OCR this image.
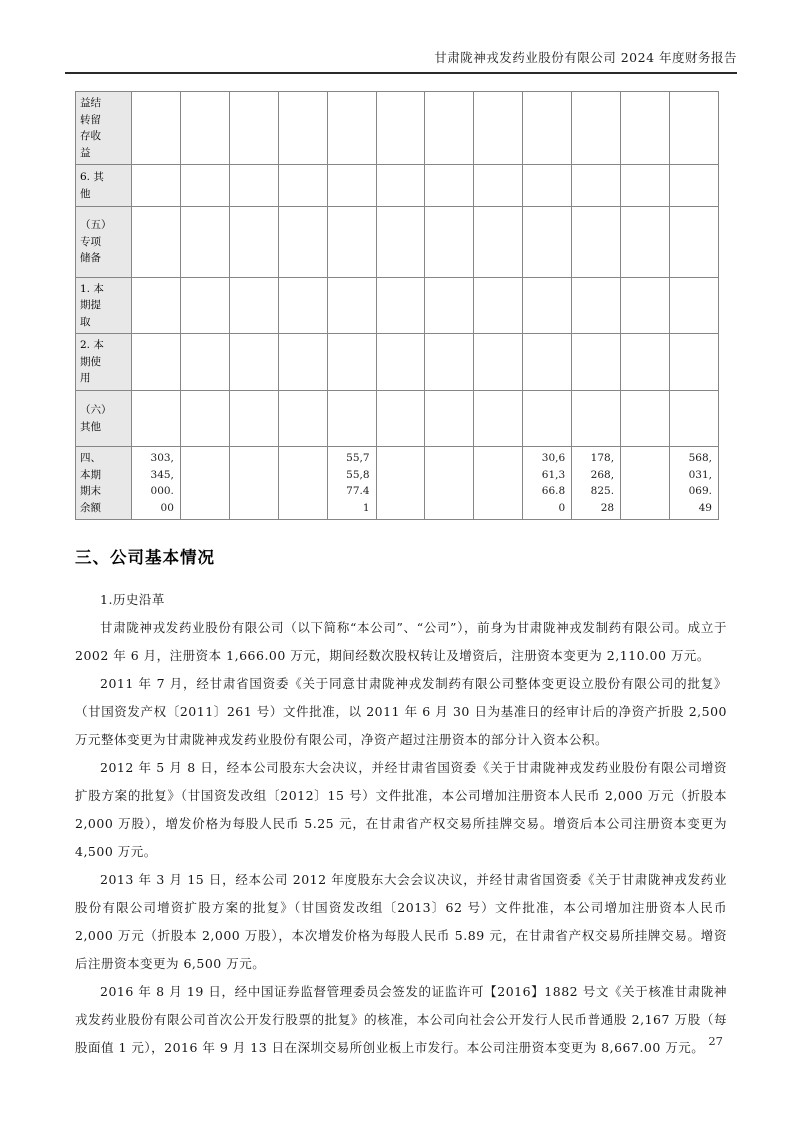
甘肃陇神戎发药业股份有限公司 2024 年度财务报告
益结转留存收益												
6. 其他												
（五）专项储备												
1. 本期提取												
2. 本期使用												
（六）其他												
四、本期期末余额	303,345,000.00				55,755,877.41				30,661,366.80	178,268,825.28		568,031,069.49
三、公司基本情况

1.历史沿革

甘肃陇神戎发药业股份有限公司（以下简称“本公司”、“公司”），前身为甘肃陇神戎发制药有限公司。成立于 2002 年 6 月，注册资本 1,666.00 万元，期间经数次股权转让及增资后，注册资本变更为 2,110.00 万元。

2011 年 7 月，经甘肃省国资委《关于同意甘肃陇神戎发制药有限公司整体变更设立股份有限公司的批复》（甘国资发产权〔2011〕261 号）文件批准，以 2011 年 6 月 30 日为基准日的经审计后的净资产折股 2,500 万元整体变更为甘肃陇神戎发药业股份有限公司，净资产超过注册资本的部分计入资本公积。

2012 年 5 月 8 日，经本公司股东大会决议，并经甘肃省国资委《关于甘肃陇神戎发药业股份有限公司增资扩股方案的批复》（甘国资发改组〔2012〕15 号）文件批准，本公司增加注册资本人民币 2,000 万元（折股本 2,000 万股），增发价格为每股人民币 5.25 元，在甘肃省产权交易所挂牌交易。增资后本公司注册资本变更为 4,500 万元。

2013 年 3 月 15 日，经本公司 2012 年度股东大会会议决议，并经甘肃省国资委《关于甘肃陇神戎发药业股份有限公司增资扩股方案的批复》（甘国资发改组〔2013〕62 号）文件批准，本公司增加注册资本人民币 2,000 万元（折股本 2,000 万股），本次增发价格为每股人民币 5.89 元，在甘肃省产权交易所挂牌交易。增资后注册资本变更为 6,500 万元。

2016 年 8 月 19 日，经中国证券监督管理委员会签发的证监许可【2016】1882 号文《关于核准甘肃陇神戎发药业股份有限公司首次公开发行股票的批复》的核准，本公司向社会公开发行人民币普通股 2,167 万股（每股面值 1 元），2016 年 9 月 13 日在深圳交易所创业板上市发行。本公司注册资本变更为 8,667.00 万元。 27
